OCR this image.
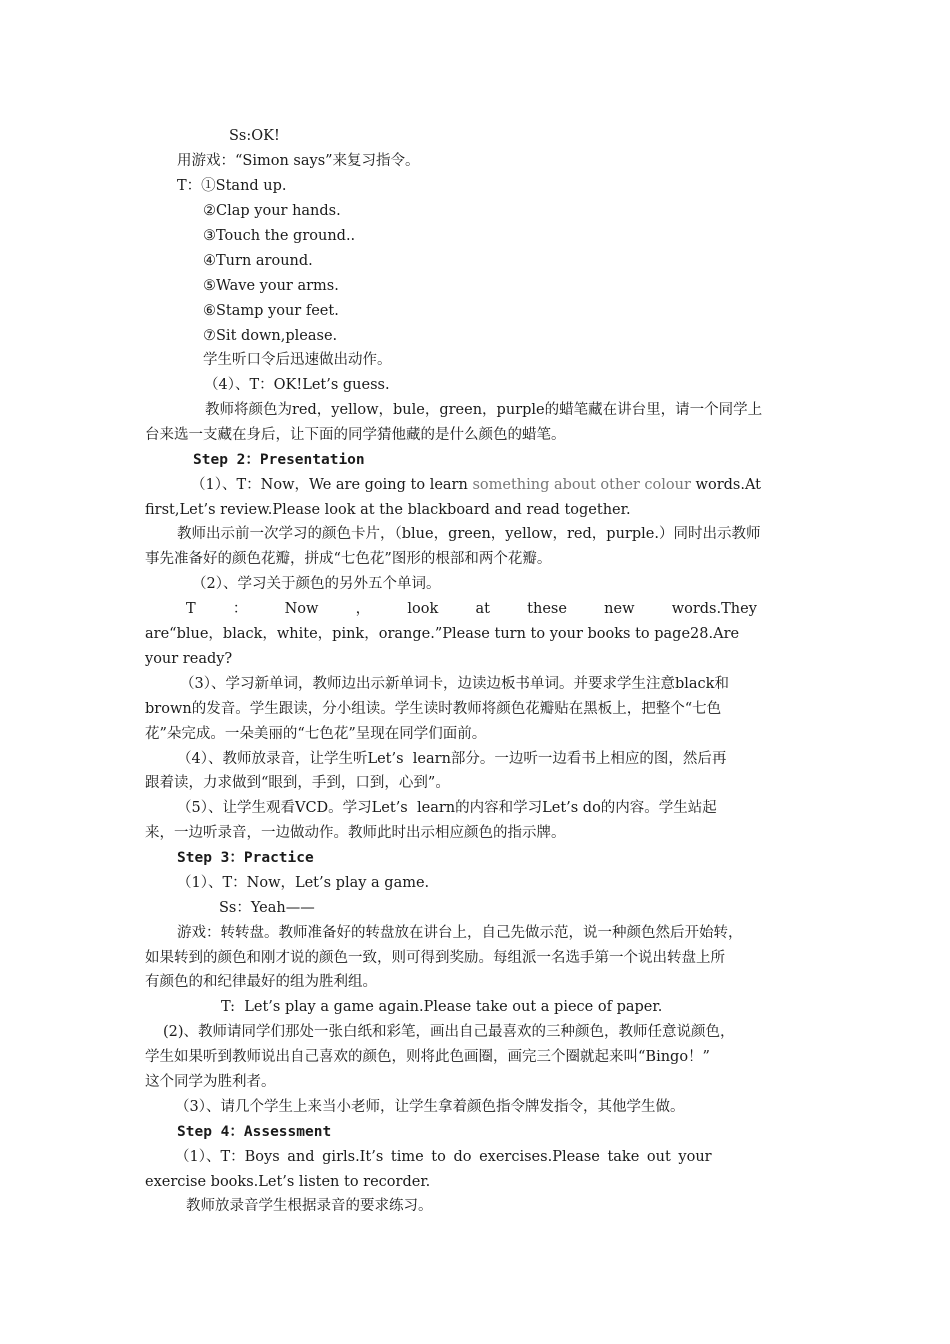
Ss:OK!
用游戏：“Simon says”来复习指令。
T：①Stand up.
②Clap your hands.
③Touch the ground..
④Turn around.
⑤Wave your arms.
⑥Stamp your feet.
⑦Sit down,please.
学生听口令后迅速做出动作。
（4）、T：OK!Let’s guess.
教师将颜色为red，yellow，bule，green，purple的蜡笔藏在讲台里，请一个同学上
台来选一支藏在身后，让下面的同学猜他藏的是什么颜色的蜡笔。
Step 2：Presentation
（1）、T：Now，We are going to learn something about other colour words.At
first,Let’s review.Please look at the blackboard and read together.
教师出示前一次学习的颜色卡片，（blue，green，yellow，red，purple.）同时出示教师
事先准备好的颜色花瓣，拼成“七色花”图形的根部和两个花瓣。
（2）、学习关于颜色的另外五个单词。
T  ：  Now  ，  look  at  these  new  words.They
are“blue，black，white，pink，orange.”Please turn to your books to page28.Are
your ready?
（3）、学习新单词，教师边出示新单词卡，边读边板书单词。并要求学生注意black和
brown的发音。学生跟读，分小组读。学生读时教师将颜色花瓣贴在黑板上，把整个“七色
花”朵完成。一朵美丽的“七色花”呈现在同学们面前。
（4）、教师放录音，让学生听Let’s  learn部分。一边听一边看书上相应的图，然后再
跟着读，力求做到“眼到，手到，口到，心到”。
（5）、让学生观看VCD。学习Let’s  learn的内容和学习Let’s do的内容。学生站起
来，一边听录音，一边做动作。教师此时出示相应颜色的指示牌。
Step 3：Practice
（1）、T：Now，Let’s play a game.
Ss：Yeah——
游戏：转转盘。教师准备好的转盘放在讲台上，自己先做示范，说一种颜色然后开始转，
如果转到的颜色和刚才说的颜色一致，则可得到奖励。每组派一名选手第一个说出转盘上所
有颜色的和纪律最好的组为胜利组。
T:  Let’s play a game again.Please take out a piece of paper.
(2)、教师请同学们那处一张白纸和彩笔，画出自己最喜欢的三种颜色，教师任意说颜色，
学生如果听到教师说出自己喜欢的颜色，则将此色画圈，画完三个圈就起来叫“Bingo！”
这个同学为胜利者。
（3）、请几个学生上来当小老师，让学生拿着颜色指令牌发指令，其他学生做。
Step 4：Assessment
（1）、T：Boys and girls.It’s time to do exercises.Please take out your
exercise books.Let’s listen to recorder.
教师放录音学生根据录音的要求练习。
